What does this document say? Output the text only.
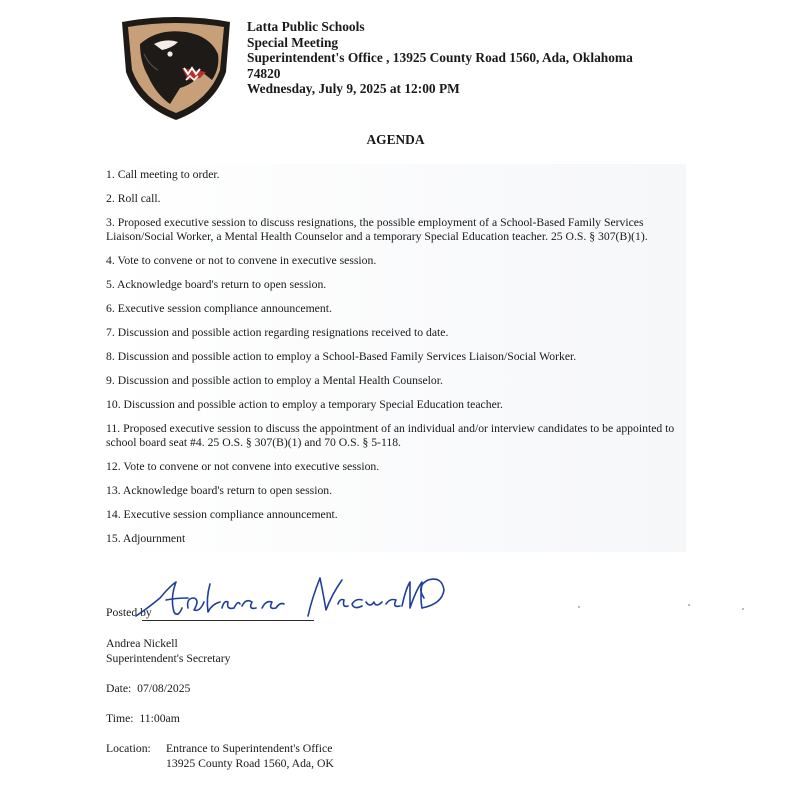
Latta Public Schools
Special Meeting
Superintendent's Office , 13925 County Road 1560, Ada, Oklahoma
74820
Wednesday, July 9, 2025 at 12:00 PM
AGENDA
1. Call meeting to order.
2. Roll call.
3. Proposed executive session to discuss resignations, the possible employment of a School-Based Family Services Liaison/Social Worker, a Mental Health Counselor and a temporary Special Education teacher. 25 O.S. § 307(B)(1).
4. Vote to convene or not to convene in executive session.
5. Acknowledge board's return to open session.
6. Executive session compliance announcement.
7. Discussion and possible action regarding resignations received to date.
8. Discussion and possible action to employ a School-Based Family Services Liaison/Social Worker.
9. Discussion and possible action to employ a Mental Health Counselor.
10. Discussion and possible action to employ a temporary Special Education teacher.
11. Proposed executive session to discuss the appointment of an individual and/or interview candidates to be appointed to school board seat #4. 25 O.S. § 307(B)(1) and 70 O.S. § 5-118.
12. Vote to convene or not convene into executive session.
13. Acknowledge board's return to open session.
14. Executive session compliance announcement.
15. Adjournment
Posted by
Andrea Nickell
Superintendent's Secretary
Date: 07/08/2025
Time: 11:00am
Location: Entrance to Superintendent's Office
13925 County Road 1560, Ada, OK
